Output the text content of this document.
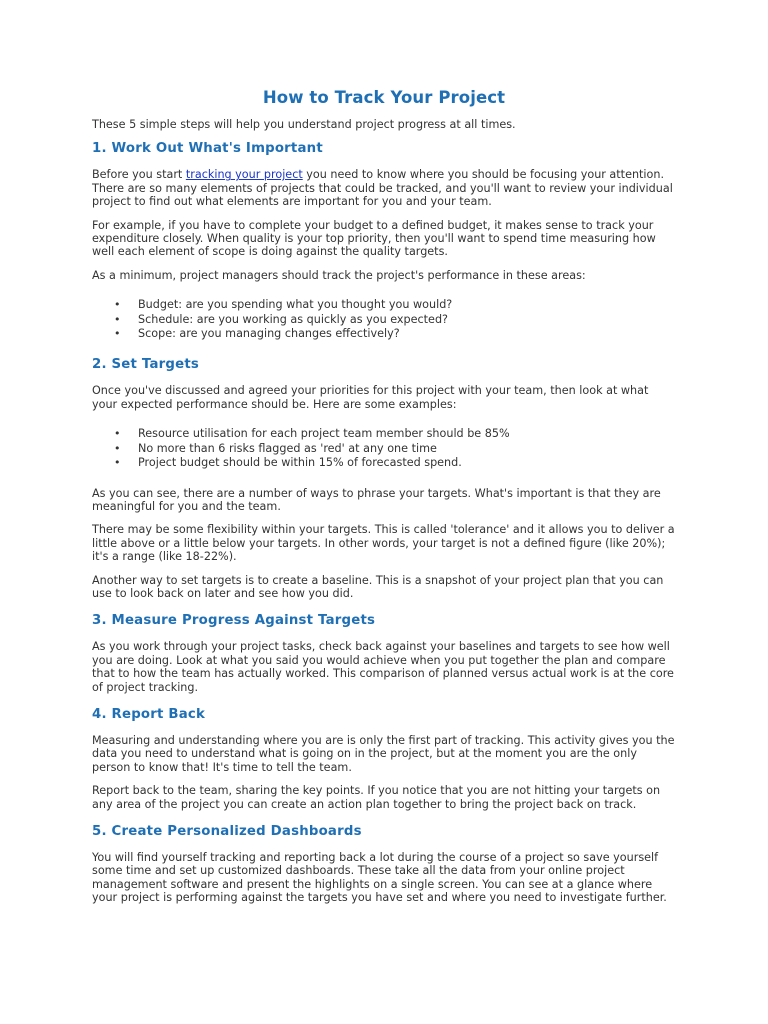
How to Track Your Project

These 5 simple steps will help you understand project progress at all times.

1. Work Out What's Important

Before you start tracking your project you need to know where you should be focusing your attention. There are so many elements of projects that could be tracked, and you'll want to review your individual project to find out what elements are important for you and your team.

For example, if you have to complete your budget to a defined budget, it makes sense to track your expenditure closely. When quality is your top priority, then you'll want to spend time measuring how well each element of scope is doing against the quality targets.

As a minimum, project managers should track the project's performance in these areas:

• Budget: are you spending what you thought you would?
• Schedule: are you working as quickly as you expected?
• Scope: are you managing changes effectively?
2. Set Targets

Once you've discussed and agreed your priorities for this project with your team, then look at what your expected performance should be. Here are some examples:

• Resource utilisation for each project team member should be 85%
• No more than 6 risks flagged as 'red' at any one time
• Project budget should be within 15% of forecasted spend.

As you can see, there are a number of ways to phrase your targets. What's important is that they are meaningful for you and the team.

There may be some flexibility within your targets. This is called 'tolerance' and it allows you to deliver a little above or a little below your targets. In other words, your target is not a defined figure (like 20%); it's a range (like 18-22%).

Another way to set targets is to create a baseline. This is a snapshot of your project plan that you can use to look back on later and see how you did.

3. Measure Progress Against Targets

As you work through your project tasks, check back against your baselines and targets to see how well you are doing. Look at what you said you would achieve when you put together the plan and compare that to how the team has actually worked. This comparison of planned versus actual work is at the core of project tracking.

4. Report Back

Measuring and understanding where you are is only the first part of tracking. This activity gives you the data you need to understand what is going on in the project, but at the moment you are the only person to know that! It's time to tell the team.

Report back to the team, sharing the key points. If you notice that you are not hitting your targets on any area of the project you can create an action plan together to bring the project back on track.

5. Create Personalized Dashboards

You will find yourself tracking and reporting back a lot during the course of a project so save yourself some time and set up customized dashboards. These take all the data from your online project management software and present the highlights on a single screen. You can see at a glance where your project is performing against the targets you have set and where you need to investigate further.
